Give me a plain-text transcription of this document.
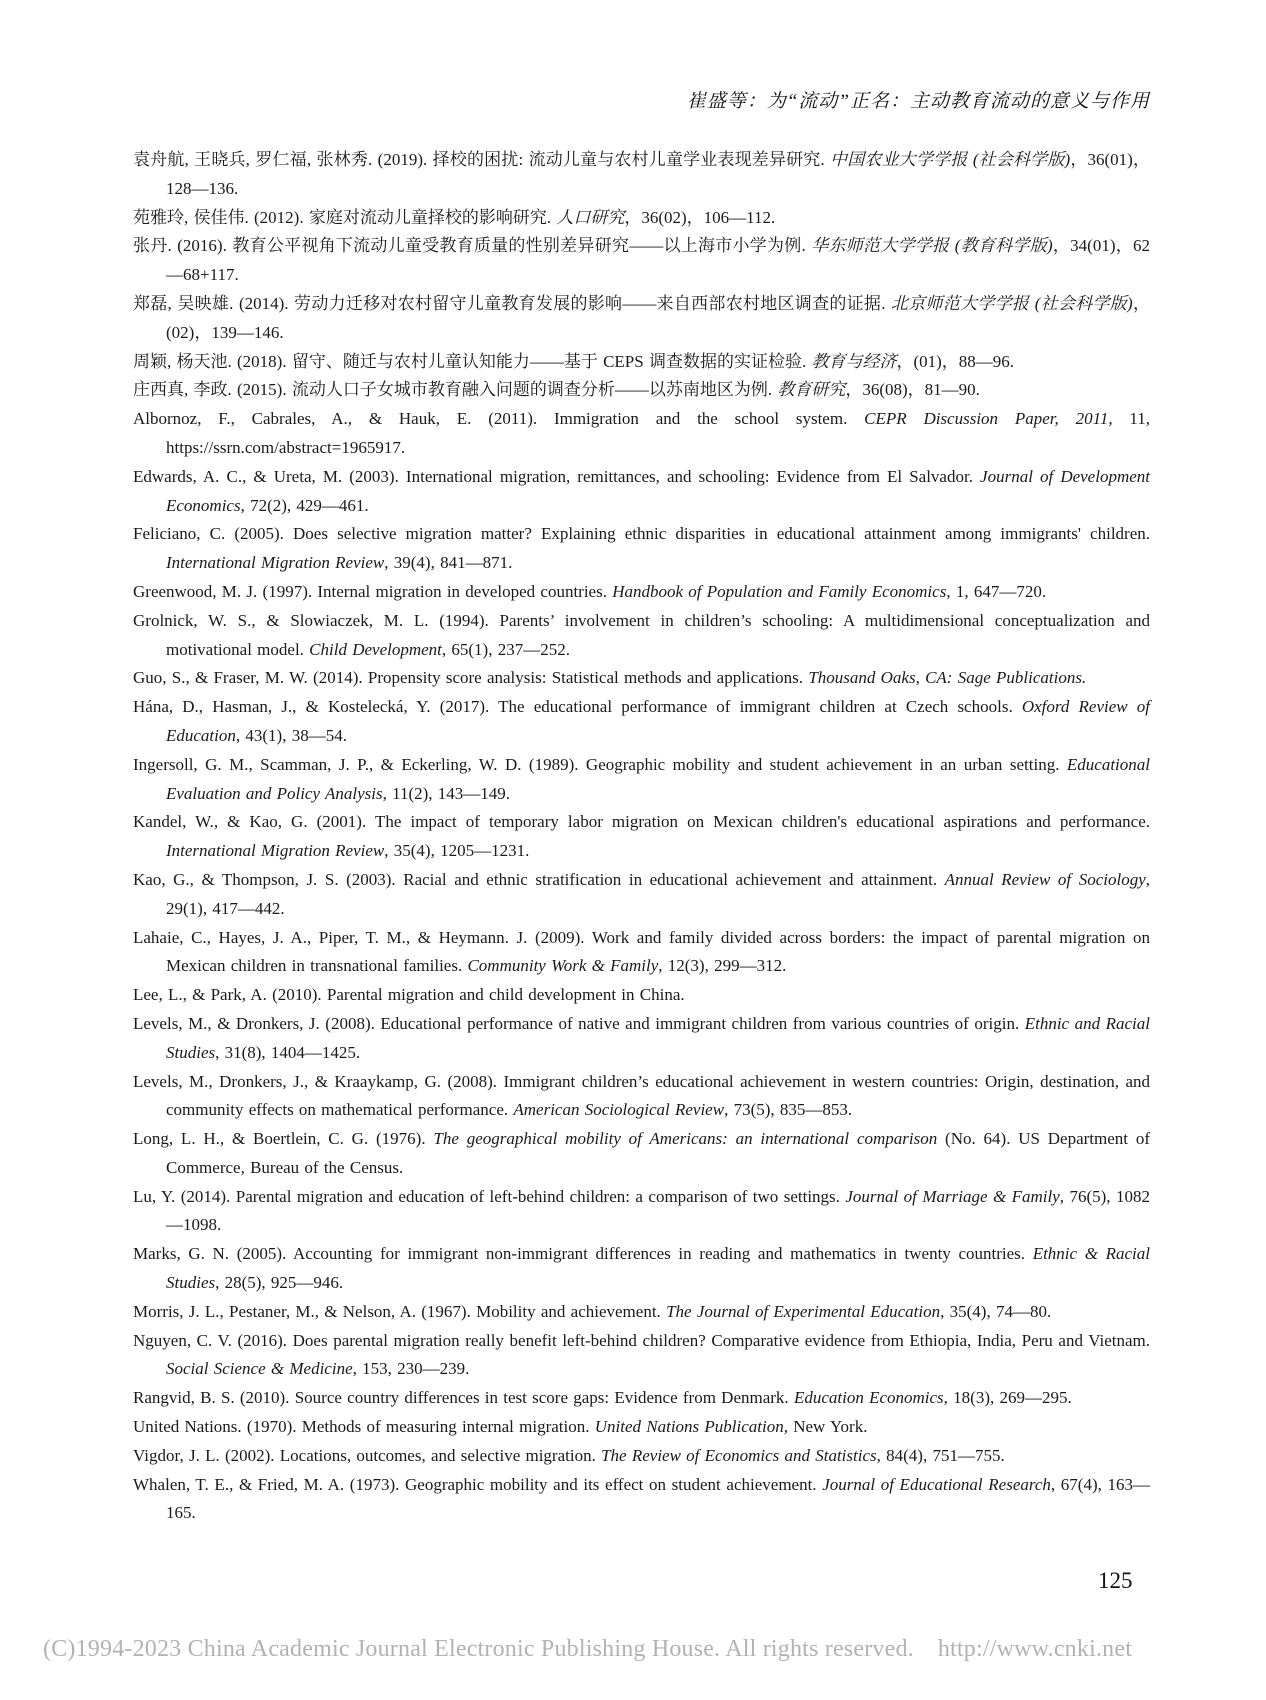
崔盛等：为“流动”正名：主动教育流动的意义与作用

袁舟航, 王晓兵, 罗仁福, 张林秀. (2019). 择校的困扰: 流动儿童与农村儿童学业表现差异研究. 中国农业大学学报 (社会科学版)，36(01)，128—136.

苑雅玲, 侯佳伟. (2012). 家庭对流动儿童择校的影响研究. 人口研究，36(02)，106—112.

张丹. (2016). 教育公平视角下流动儿童受教育质量的性别差异研究——以上海市小学为例. 华东师范大学学报 (教育科学版)，34(01)，62—68+117.

郑磊, 吴映雄. (2014). 劳动力迁移对农村留守儿童教育发展的影响——来自西部农村地区调查的证据. 北京师范大学学报 (社会科学版)，(02)，139—146.

周颖, 杨天池. (2018). 留守、随迁与农村儿童认知能力——基于 CEPS 调查数据的实证检验. 教育与经济，(01)，88—96.

庄西真, 李政. (2015). 流动人口子女城市教育融入问题的调查分析——以苏南地区为例. 教育研究，36(08)，81—90.

Albornoz, F., Cabrales, A., & Hauk, E. (2011). Immigration and the school system. CEPR Discussion Paper, 2011, 11, https://ssrn.com/abstract=1965917.

Edwards, A. C., & Ureta, M. (2003). International migration, remittances, and schooling: Evidence from El Salvador. Journal of Development Economics, 72(2), 429—461.

Feliciano, C. (2005). Does selective migration matter? Explaining ethnic disparities in educational attainment among immigrants' children. International Migration Review, 39(4), 841—871.

Greenwood, M. J. (1997). Internal migration in developed countries. Handbook of Population and Family Economics, 1, 647—720.

Grolnick, W. S., & Slowiaczek, M. L. (1994). Parents’ involvement in children’s schooling: A multidimensional conceptualization and motivational model. Child Development, 65(1), 237—252.

Guo, S., & Fraser, M. W. (2014). Propensity score analysis: Statistical methods and applications. Thousand Oaks, CA: Sage Publications.

Hána, D., Hasman, J., & Kostelecká, Y. (2017). The educational performance of immigrant children at Czech schools. Oxford Review of Education, 43(1), 38—54.

Ingersoll, G. M., Scamman, J. P., & Eckerling, W. D. (1989). Geographic mobility and student achievement in an urban setting. Educational Evaluation and Policy Analysis, 11(2), 143—149.

Kandel, W., & Kao, G. (2001). The impact of temporary labor migration on Mexican children's educational aspirations and performance. International Migration Review, 35(4), 1205—1231.

Kao, G., & Thompson, J. S. (2003). Racial and ethnic stratification in educational achievement and attainment. Annual Review of Sociology, 29(1), 417—442.

Lahaie, C., Hayes, J. A., Piper, T. M., & Heymann. J. (2009). Work and family divided across borders: the impact of parental migration on Mexican children in transnational families. Community Work & Family, 12(3), 299—312.

Lee, L., & Park, A. (2010). Parental migration and child development in China.

Levels, M., & Dronkers, J. (2008). Educational performance of native and immigrant children from various countries of origin. Ethnic and Racial Studies, 31(8), 1404—1425.

Levels, M., Dronkers, J., & Kraaykamp, G. (2008). Immigrant children’s educational achievement in western countries: Origin, destination, and community effects on mathematical performance. American Sociological Review, 73(5), 835—853.

Long, L. H., & Boertlein, C. G. (1976). The geographical mobility of Americans: an international comparison (No. 64). US Department of Commerce, Bureau of the Census.

Lu, Y. (2014). Parental migration and education of left-behind children: a comparison of two settings. Journal of Marriage & Family, 76(5), 1082—1098.

Marks, G. N. (2005). Accounting for immigrant non-immigrant differences in reading and mathematics in twenty countries. Ethnic & Racial Studies, 28(5), 925—946.

Morris, J. L., Pestaner, M., & Nelson, A. (1967). Mobility and achievement. The Journal of Experimental Education, 35(4), 74—80.

Nguyen, C. V. (2016). Does parental migration really benefit left-behind children? Comparative evidence from Ethiopia, India, Peru and Vietnam. Social Science & Medicine, 153, 230—239.

Rangvid, B. S. (2010). Source country differences in test score gaps: Evidence from Denmark. Education Economics, 18(3), 269—295.

United Nations. (1970). Methods of measuring internal migration. United Nations Publication, New York.

Vigdor, J. L. (2002). Locations, outcomes, and selective migration. The Review of Economics and Statistics, 84(4), 751—755.

Whalen, T. E., & Fried, M. A. (1973). Geographic mobility and its effect on student achievement. Journal of Educational Research, 67(4), 163—165.

125
(C)1994-2023 China Academic Journal Electronic Publishing House. All rights reserved. http://www.cnki.net
